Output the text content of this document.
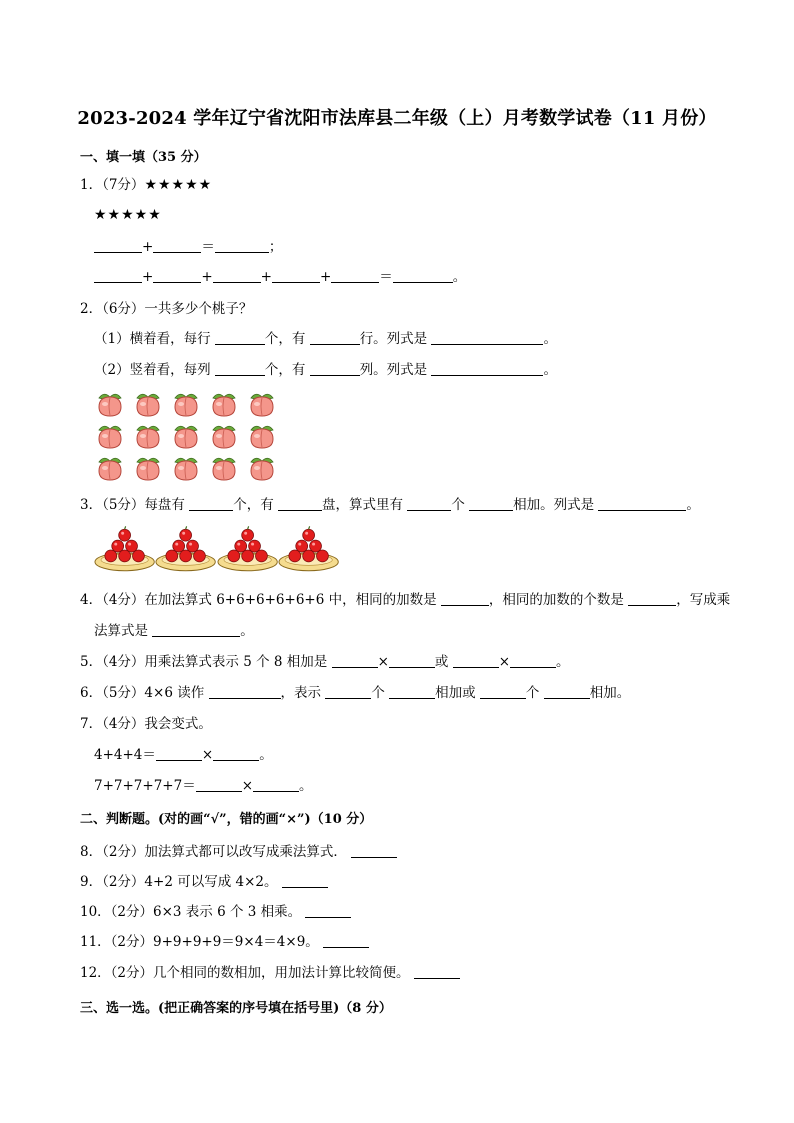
2023-2024 学年辽宁省沈阳市法库县二年级（上）月考数学试卷（11 月份）
一、填一填（35 分）
1．（7分）★★★★★
★★★★★
+	＝	；
+	+	+	+	＝	。
2．（6分）一共多少个桃子？
（1）横着看，每行	个，有	行。列式是	。
（2）竖着看，每列	个，有	列。列式是	。
3．（5分）每盘有	个，有	盘，算式里有	个	相加。列式是	。
4．（4分）在加法算式 6+6+6+6+6+6 中，相同的加数是	，相同的加数的个数是	，写成乘
法算式是	。
5．（4分）用乘法算式表示 5 个 8 相加是	×	或	×	。
6．（5分）4×6 读作	，表示	个	相加或	个	相加。
7．（4分）我会变式。
4+4+4＝	×	。
7+7+7+7+7＝	×	。
二、判断题。(对的画“√”，错的画“×”)（10 分）
8．（2分）加法算式都可以改写成乘法算式．
9．（2分）4+2 可以写成 4×2。
10．（2分）6×3 表示 6 个 3 相乘。
11．（2分）9+9+9+9＝9×4＝4×9。
12．（2分）几个相同的数相加，用加法计算比较简便。
三、选一选。(把正确答案的序号填在括号里)（8 分）
